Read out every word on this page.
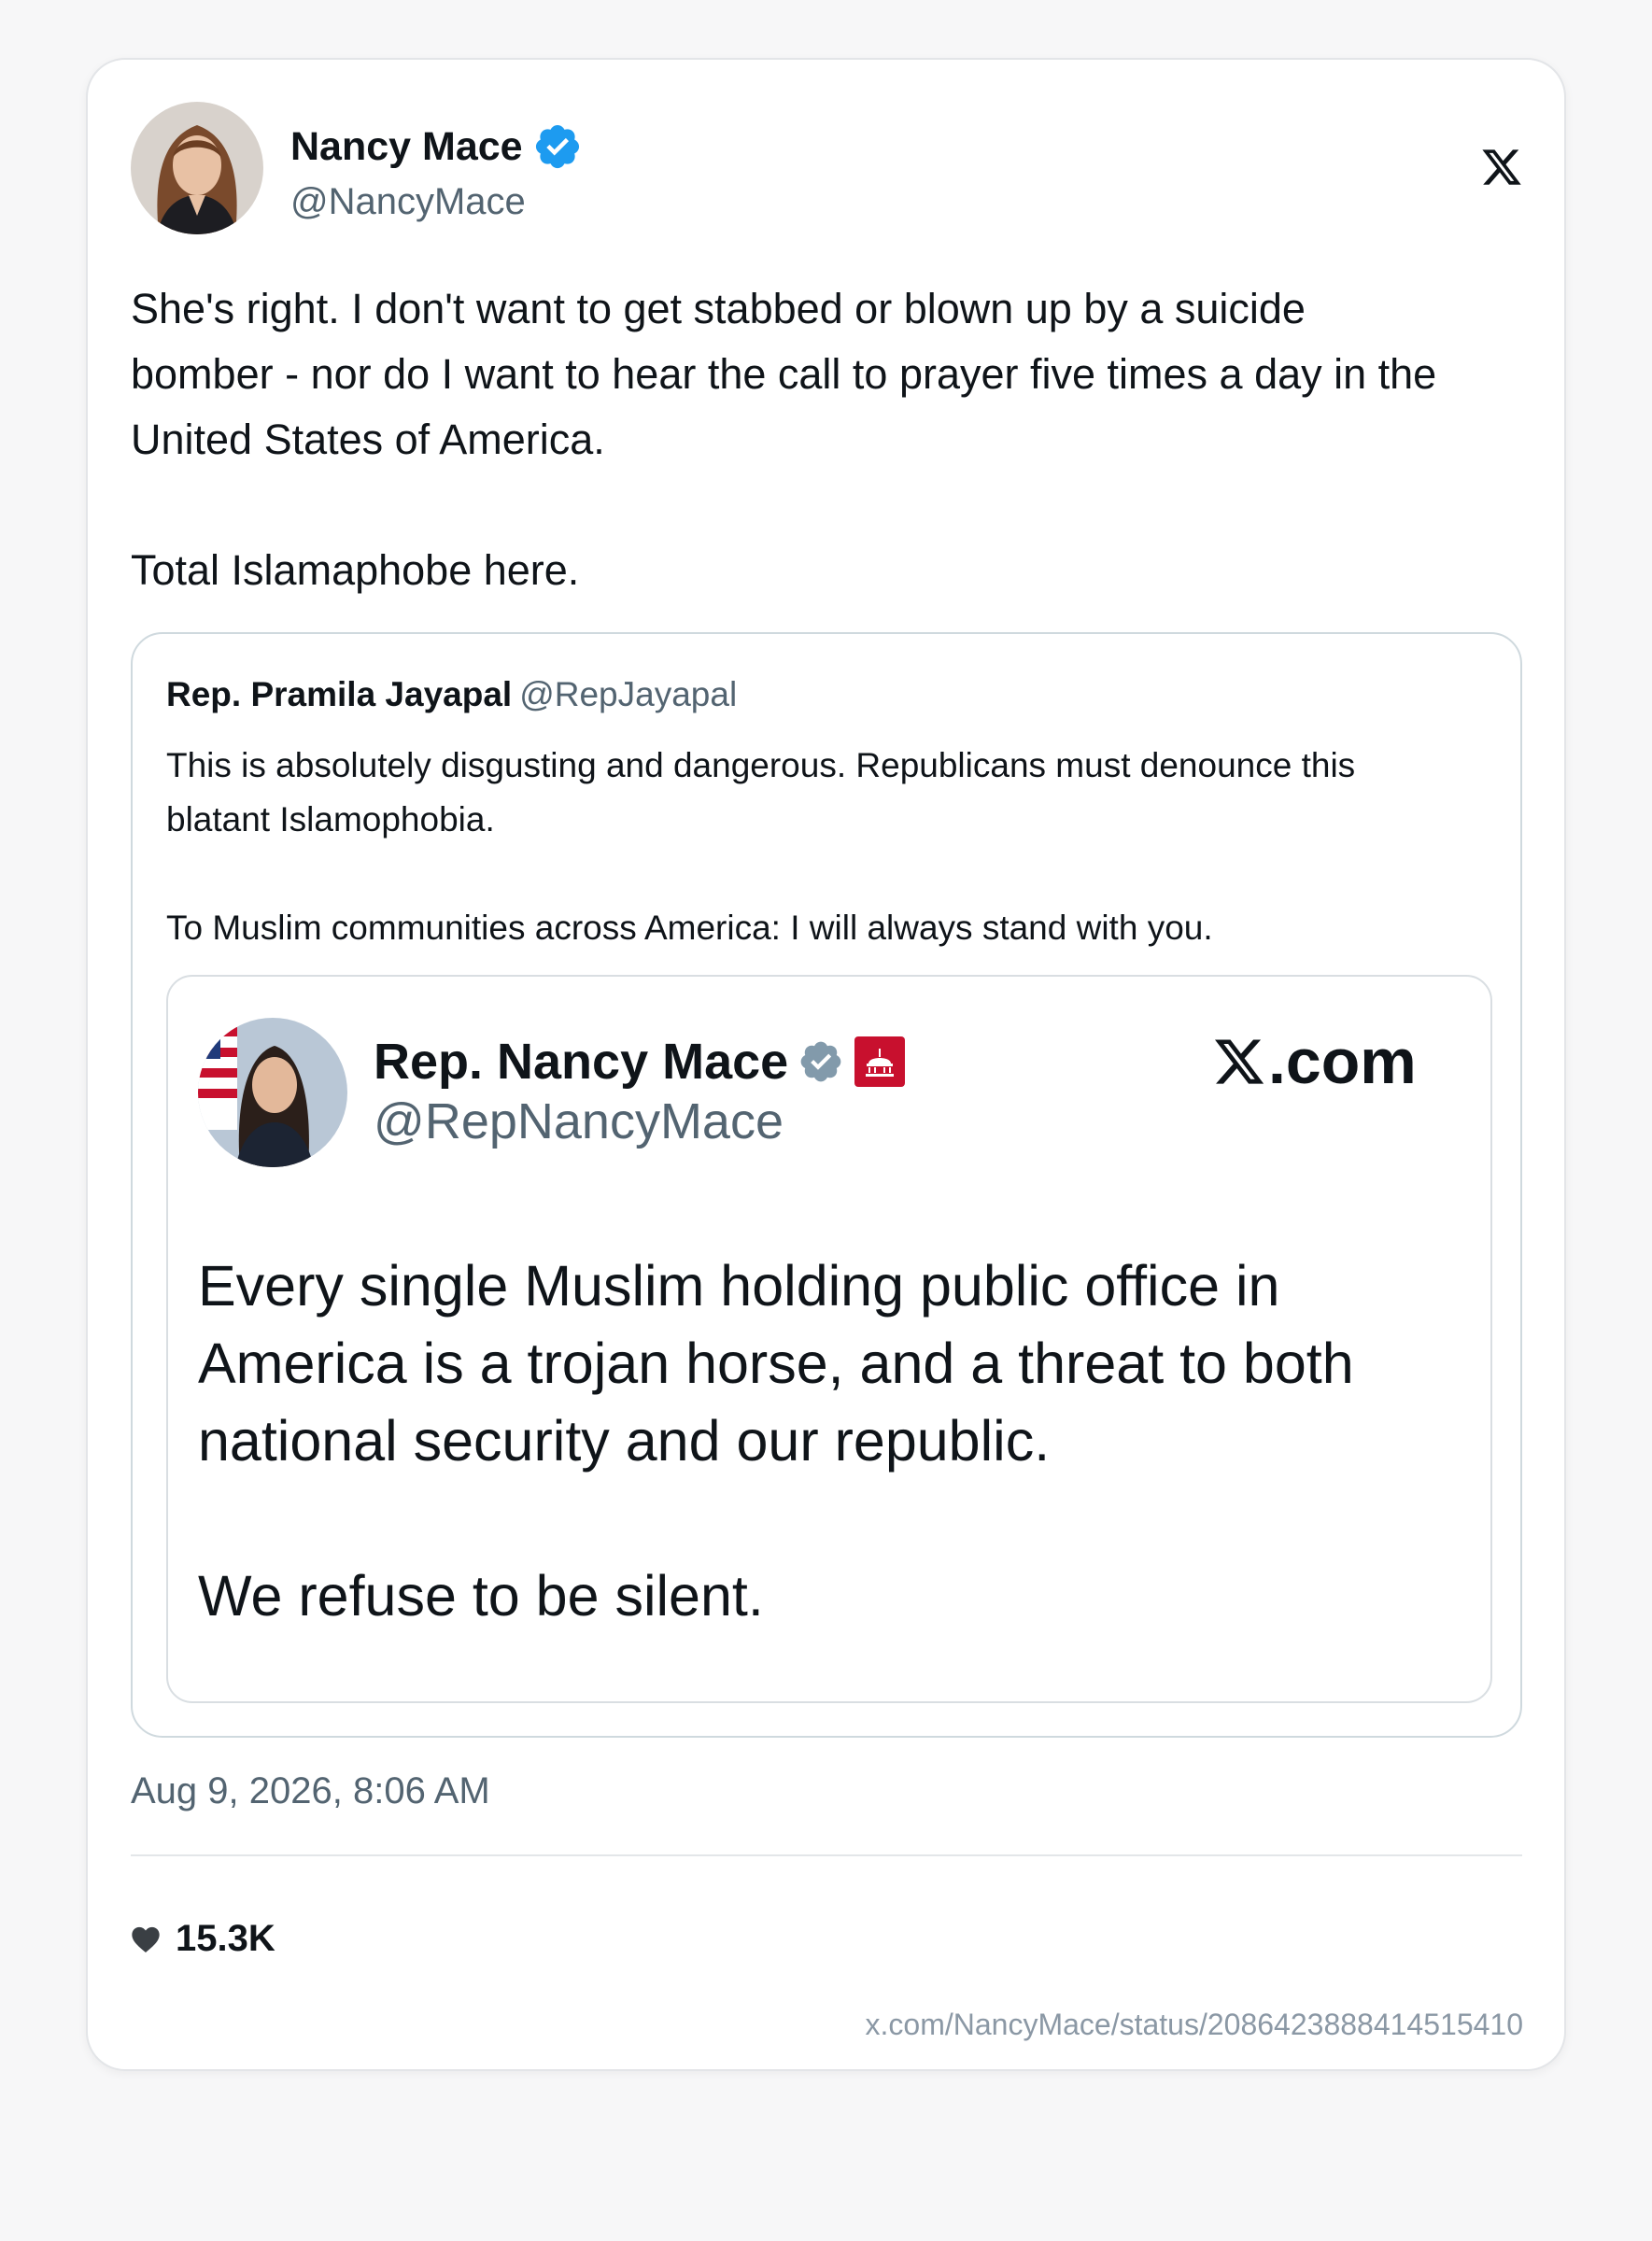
Nancy Mace
@NancyMace
She's right. I don't want to get stabbed or blown up by a suicide
bomber - nor do I want to hear the call to prayer five times a day in the
United States of America.

Total Islamaphobe here.
Rep. Pramila Jayapal @RepJayapal
This is absolutely disgusting and dangerous. Republicans must denounce this
blatant Islamophobia.

To Muslim communities across America: I will always stand with you.
Rep. Nancy Mace
@RepNancyMace
.com
Every single Muslim holding public office in
America is a trojan horse, and a threat to both
national security and our republic.

We refuse to be silent.
Aug 9, 2026, 8:06 AM
15.3K
x.com/NancyMace/status/2086423888414515410
